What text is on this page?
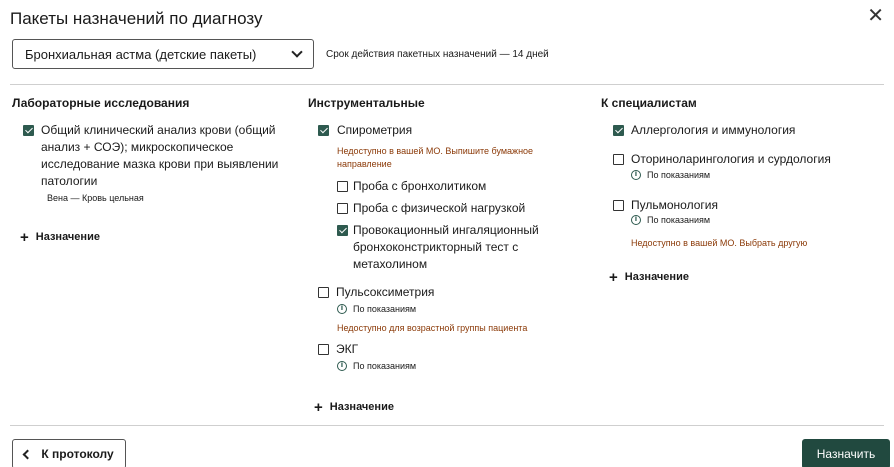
Пакеты назначений по диагнозу	✕
Бронхиальная астма (детские пакеты)	Срок действия пакетных назначений — 14 дней
Лабораторные исследования
Общий клинический анализ крови (общий
анализ + СОЭ); микроскопическое
исследование мазка крови при выявлении
патологии
Вена — Кровь цельная
+ Назначение
Инструментальные
Спирометрия
Недоступно в вашей МО. Выпишите бумажное
направление
Проба с бронхолитиком
Проба с физической нагрузкой
Провокационный ингаляционный
бронхоконстрикторный тест с
метахолином
Пульсоксиметрия
i	По показаниям
Недоступно для возрастной группы пациента
ЭКГ
i	По показаниям
+ Назначение
К специалистам
Аллергология и иммунология
Оториноларингология и сурдология
i	По показаниям
Пульмонология
i	По показаниям
Недоступно в вашей МО. Выбрать другую
+ Назначение
К протоколу	Назначить
